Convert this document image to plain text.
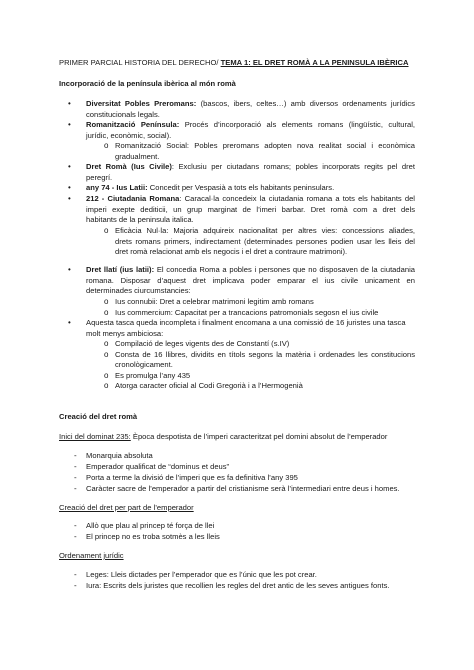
PRIMER PARCIAL HISTORIA DEL DERECHO/ TEMA 1: EL DRET ROMÀ A LA PENINSULA IBÈRICA
Incorporació de la península ibèrica al món romà
• Diversitat Pobles Preromans: (bascos, ibers, celtes…) amb diversos ordenaments jurídics
constitucionals legals.
• Romanització Península: Procés d’incorporació als elements romans (lingüístic, cultural,
jurídic, econòmic, social).
o Romanització Social: Pobles preromans adopten nova realitat social i econòmica
gradualment.
• Dret Romà (Ius Civile): Exclusiu per ciutadans romans; pobles incorporats regits pel dret
peregrí.
• any 74 - Ius Latii: Concedit per Vespasià a tots els habitants peninsulars.
• 212 - Ciutadania Romana: Caracal·la concedeix la ciutadania romana a tots els habitants del
imperi exepte dediticii, un grup marginat de l’imeri barbar. Dret romà com a dret dels
habitants de la peninsula italica.
o Eficàcia Nul·la: Majoria adquireix nacionalitat per altres vies: concessions aliades,
drets romans primers, indirectament (determinades persones podien usar les lleis del
dret romà relacionat amb els negocis i el dret a contraure matrimoni).
• Dret llatí (ius latii): El concedia Roma a pobles i persones que no disposaven de la ciutadania
romana. Disposar d’aquest dret implicava poder emparar el ius civile unicament en
determinades ciurcumstancies:
o Ius connubii: Dret a celebrar matrimoni legitim amb romans
o Ius commercium: Capacitat per a trancacions patromonials segosn el ius civile
• Aquesta tasca queda incompleta i finalment encomana a una comissió de 16 juristes una tasca
molt menys ambiciosa:
o Compilació de leges vigents des de Constantí (s.IV)
o Consta de 16 llibres, dividits en títols segons la matèria i ordenades les constitucions
cronològicament.
o Es promulga l’any 435
o Atorga caracter oficial al Codi Gregorià i a l’Hermogenià
Creació del dret romà
Inici del dominat 235: Època despotista de l’imperi caracteritzat pel domini absolut de l’emperador
- Monarquia absoluta
- Emperador qualificat de “dominus et deus”
- Porta a terme la divisió de l’imperi que es fa definitiva l’any 395
- Caràcter sacre de l’emperador a partir del cristianisme serà l’intermediari entre deus i homes.
Creació del dret per part de l’emperador
- Allò que plau al princep té força de llei
- El princep no es troba sotmès a les lleis
Ordenament jurídic
- Leges: Lleis dictades per l’emperador que es l’únic que les pot crear.
- Iura: Escrits dels juristes que recollien les regles del dret antic de les seves antigues fonts.
